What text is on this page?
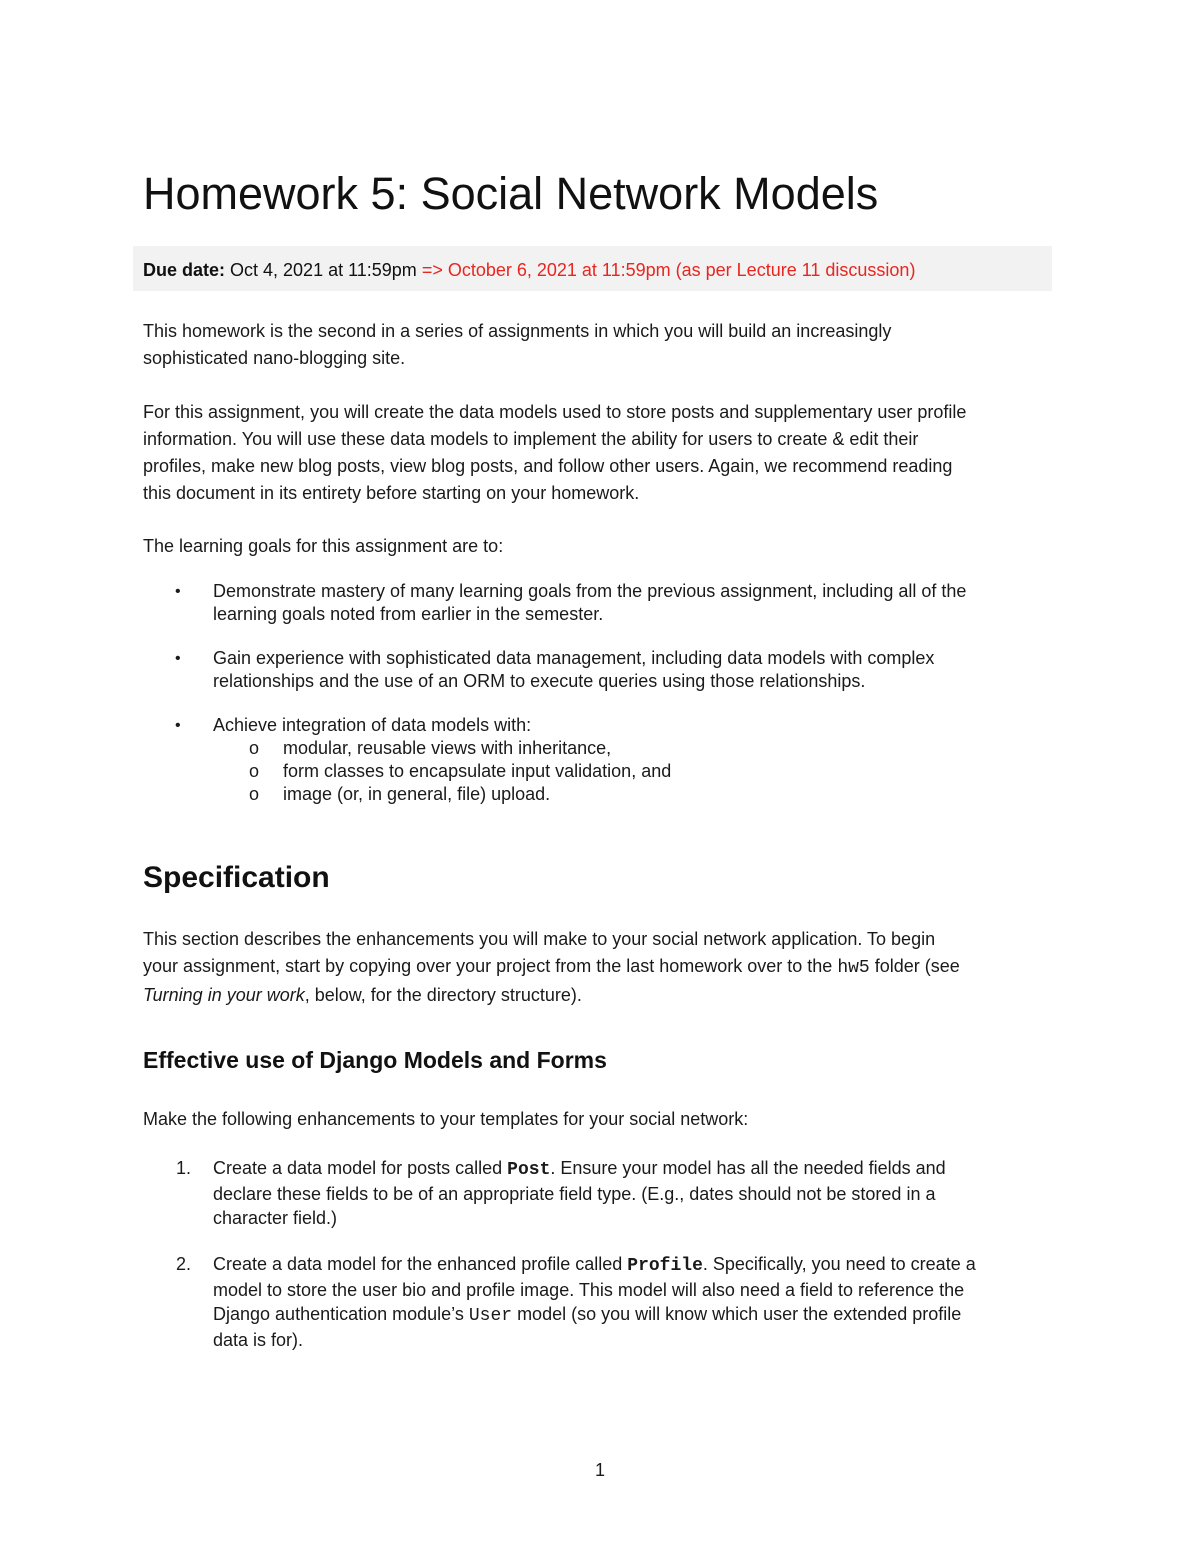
Homework 5: Social Network Models
Due date: Oct 4, 2021 at 11:59pm => October 6, 2021 at 11:59pm (as per Lecture 11 discussion)

This homework is the second in a series of assignments in which you will build an increasingly
sophisticated nano-blogging site.

For this assignment, you will create the data models used to store posts and supplementary user profile
information. You will use these data models to implement the ability for users to create & edit their
profiles, make new blog posts, view blog posts, and follow other users. Again, we recommend reading
this document in its entirety before starting on your homework.

The learning goals for this assignment are to:

• Demonstrate mastery of many learning goals from the previous assignment, including all of the
learning goals noted from earlier in the semester.
• Gain experience with sophisticated data management, including data models with complex
relationships and the use of an ORM to execute queries using those relationships.
• Achieve integration of data models with:
o modular, reusable views with inheritance,
o form classes to encapsulate input validation, and
o image (or, in general, file) upload.
Specification

This section describes the enhancements you will make to your social network application. To begin
your assignment, start by copying over your project from the last homework over to the hw5 folder (see
Turning in your work, below, for the directory structure).

Effective use of Django Models and Forms

Make the following enhancements to your templates for your social network:

1. Create a data model for posts called Post. Ensure your model has all the needed fields and
declare these fields to be of an appropriate field type. (E.g., dates should not be stored in a
character field.)
2. Create a data model for the enhanced profile called Profile. Specifically, you need to create a
model to store the user bio and profile image. This model will also need a field to reference the
Django authentication module’s User model (so you will know which user the extended profile
data is for).
1
